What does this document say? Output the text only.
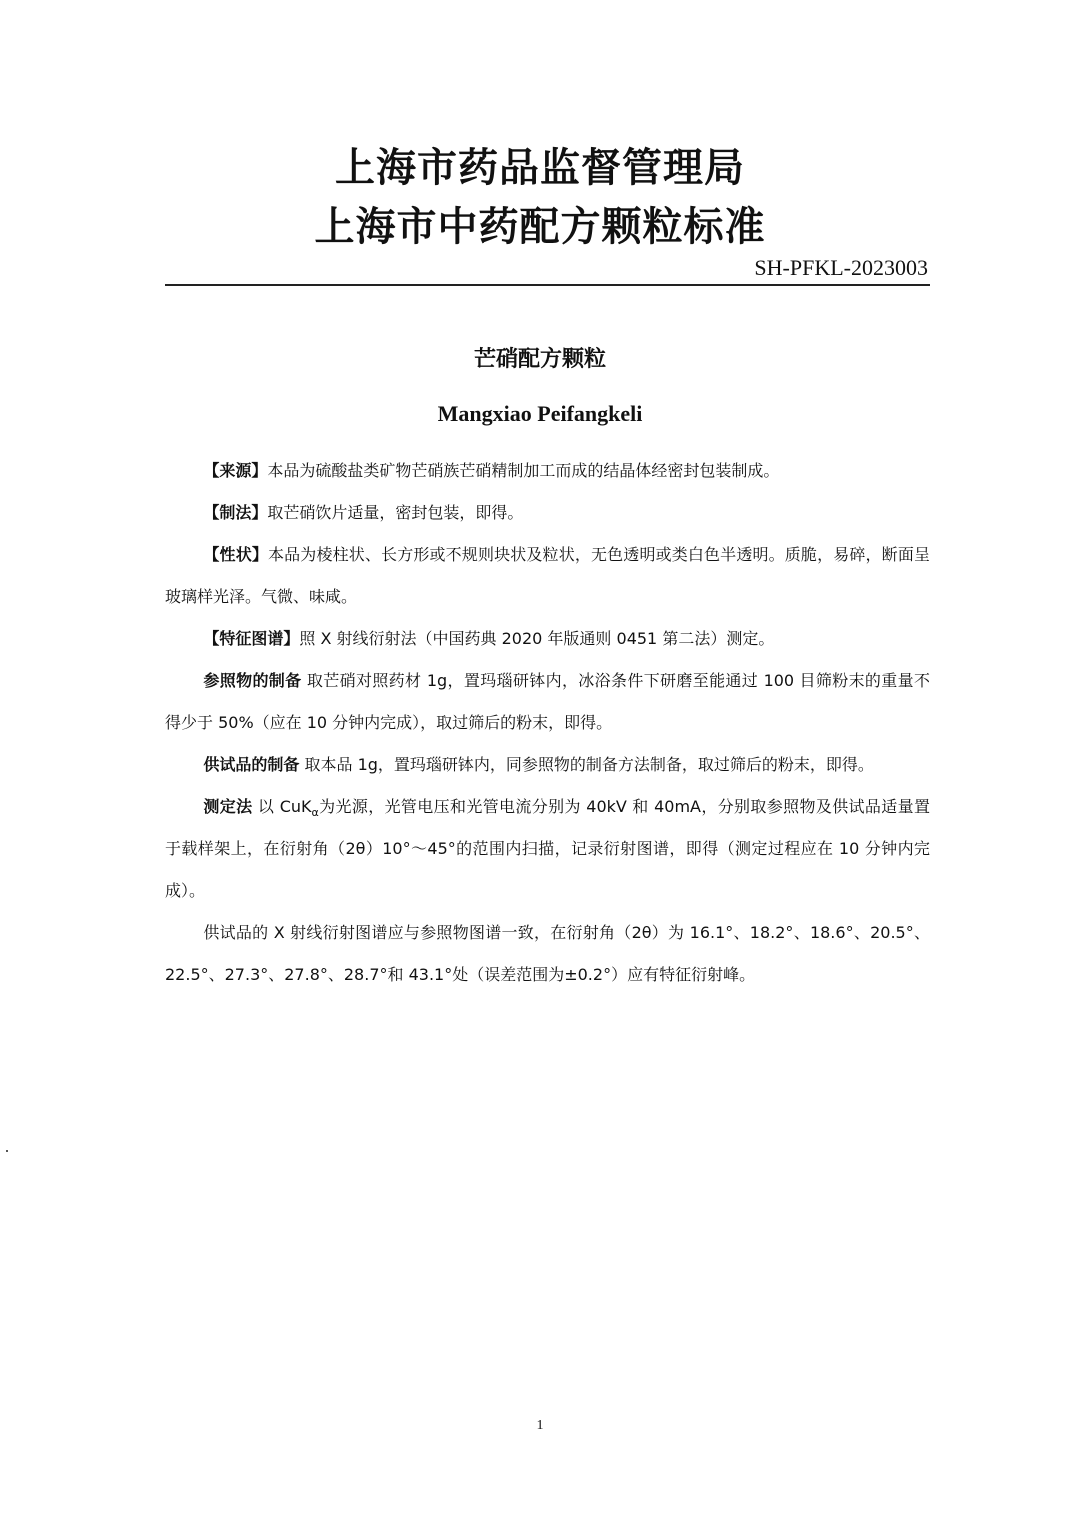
上海市药品监督管理局
上海市中药配方颗粒标准
SH-PFKL-2023003
芒硝配方颗粒
Mangxiao Peifangkeli

【来源】本品为硫酸盐类矿物芒硝族芒硝精制加工而成的结晶体经密封包装制成。

【制法】取芒硝饮片适量，密封包装，即得。

【性状】本品为棱柱状、长方形或不规则块状及粒状，无色透明或类白色半透明。质脆，易碎，断面呈玻璃样光泽。气微、味咸。

【特征图谱】照 X 射线衍射法（中国药典 2020 年版通则 0451 第二法）测定。

参照物的制备 取芒硝对照药材 1g，置玛瑙研钵内，冰浴条件下研磨至能通过 100 目筛粉末的重量不得少于 50%（应在 10 分钟内完成），取过筛后的粉末，即得。

供试品的制备 取本品 1g，置玛瑙研钵内，同参照物的制备方法制备，取过筛后的粉末，即得。

测定法 以 CuK$_\alpha$为光源，光管电压和光管电流分别为 40kV 和 40mA，分别取参照物及供试品适量置于载样架上，在衍射角（2θ）10°～45°的范围内扫描，记录衍射图谱，即得（测定过程应在 10 分钟内完成）。

供试品的 X 射线衍射图谱应与参照物图谱一致，在衍射角（2θ）为 16.1°、18.2°、18.6°、20.5°、22.5°、27.3°、27.8°、28.7°和 43.1°处（误差范围为±0.2°）应有特征衍射峰。

1
